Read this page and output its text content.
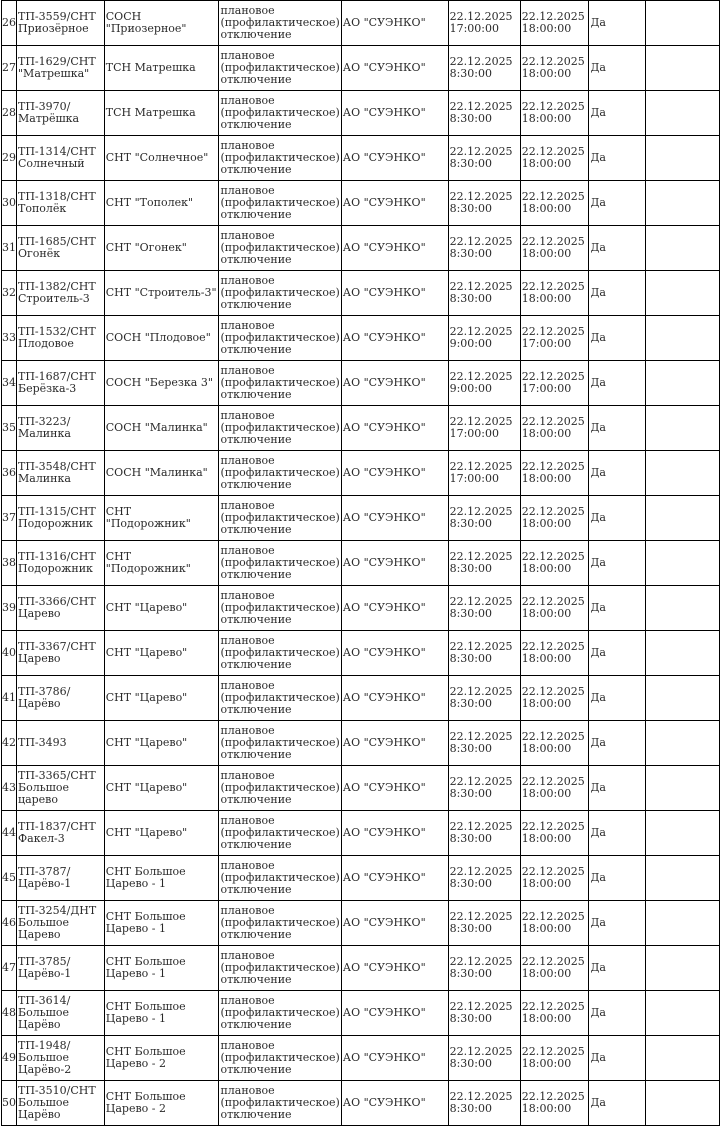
26	ТП-3559/СНТ Приозёрное	СОСН "Приозерное"	плановое (профилактическое) отключение	АО "СУЭНКО"	22.12.2025 17:00:00	22.12.2025 18:00:00	Да	
27	ТП-1629/СНТ "Матрешка"	ТСН Матрешка	плановое (профилактическое) отключение	АО "СУЭНКО"	22.12.2025 8:30:00	22.12.2025 18:00:00	Да	
28	ТП-3970/ Матрёшка	ТСН Матрешка	плановое (профилактическое) отключение	АО "СУЭНКО"	22.12.2025 8:30:00	22.12.2025 18:00:00	Да	
29	ТП-1314/СНТ Солнечный	СНТ "Солнечное"	плановое (профилактическое) отключение	АО "СУЭНКО"	22.12.2025 8:30:00	22.12.2025 18:00:00	Да	
30	ТП-1318/СНТ Тополёк	СНТ "Тополек"	плановое (профилактическое) отключение	АО "СУЭНКО"	22.12.2025 8:30:00	22.12.2025 18:00:00	Да	
31	ТП-1685/СНТ Огонёк	СНТ "Огонек"	плановое (профилактическое) отключение	АО "СУЭНКО"	22.12.2025 8:30:00	22.12.2025 18:00:00	Да	
32	ТП-1382/СНТ Строитель-3	СНТ "Строитель-3"	плановое (профилактическое) отключение	АО "СУЭНКО"	22.12.2025 8:30:00	22.12.2025 18:00:00	Да	
33	ТП-1532/СНТ Плодовое	СОСН "Плодовое"	плановое (профилактическое) отключение	АО "СУЭНКО"	22.12.2025 9:00:00	22.12.2025 17:00:00	Да	
34	ТП-1687/СНТ Берёзка-3	СОСН "Березка 3"	плановое (профилактическое) отключение	АО "СУЭНКО"	22.12.2025 9:00:00	22.12.2025 17:00:00	Да	
35	ТП-3223/ Малинка	СОСН "Малинка"	плановое (профилактическое) отключение	АО "СУЭНКО"	22.12.2025 17:00:00	22.12.2025 18:00:00	Да	
36	ТП-3548/СНТ Малинка	СОСН "Малинка"	плановое (профилактическое) отключение	АО "СУЭНКО"	22.12.2025 17:00:00	22.12.2025 18:00:00	Да	
37	ТП-1315/СНТ Подорожник	СНТ "Подорожник"	плановое (профилактическое) отключение	АО "СУЭНКО"	22.12.2025 8:30:00	22.12.2025 18:00:00	Да	
38	ТП-1316/СНТ Подорожник	СНТ "Подорожник"	плановое (профилактическое) отключение	АО "СУЭНКО"	22.12.2025 8:30:00	22.12.2025 18:00:00	Да	
39	ТП-3366/СНТ Царево	СНТ "Царево"	плановое (профилактическое) отключение	АО "СУЭНКО"	22.12.2025 8:30:00	22.12.2025 18:00:00	Да	
40	ТП-3367/СНТ Царево	СНТ "Царево"	плановое (профилактическое) отключение	АО "СУЭНКО"	22.12.2025 8:30:00	22.12.2025 18:00:00	Да	
41	ТП-3786/ Царёво	СНТ "Царево"	плановое (профилактическое) отключение	АО "СУЭНКО"	22.12.2025 8:30:00	22.12.2025 18:00:00	Да	
42	ТП-3493	СНТ "Царево"	плановое (профилактическое) отключение	АО "СУЭНКО"	22.12.2025 8:30:00	22.12.2025 18:00:00	Да	
43	ТП-3365/СНТ Большое царево	СНТ "Царево"	плановое (профилактическое) отключение	АО "СУЭНКО"	22.12.2025 8:30:00	22.12.2025 18:00:00	Да	
44	ТП-1837/СНТ Факел-3	СНТ "Царево"	плановое (профилактическое) отключение	АО "СУЭНКО"	22.12.2025 8:30:00	22.12.2025 18:00:00	Да	
45	ТП-3787/ Царёво-1	СНТ Большое Царево - 1	плановое (профилактическое) отключение	АО "СУЭНКО"	22.12.2025 8:30:00	22.12.2025 18:00:00	Да	
46	ТП-3254/ДНТ Большое Царево	СНТ Большое Царево - 1	плановое (профилактическое) отключение	АО "СУЭНКО"	22.12.2025 8:30:00	22.12.2025 18:00:00	Да	
47	ТП-3785/ Царёво-1	СНТ Большое Царево - 1	плановое (профилактическое) отключение	АО "СУЭНКО"	22.12.2025 8:30:00	22.12.2025 18:00:00	Да	
48	ТП-3614/ Большое Царёво	СНТ Большое Царево - 1	плановое (профилактическое) отключение	АО "СУЭНКО"	22.12.2025 8:30:00	22.12.2025 18:00:00	Да	
49	ТП-1948/ Большое Царёво-2	СНТ Большое Царево - 2	плановое (профилактическое) отключение	АО "СУЭНКО"	22.12.2025 8:30:00	22.12.2025 18:00:00	Да	
50	ТП-3510/СНТ Большое Царёво	СНТ Большое Царево - 2	плановое (профилактическое) отключение	АО "СУЭНКО"	22.12.2025 8:30:00	22.12.2025 18:00:00	Да	
